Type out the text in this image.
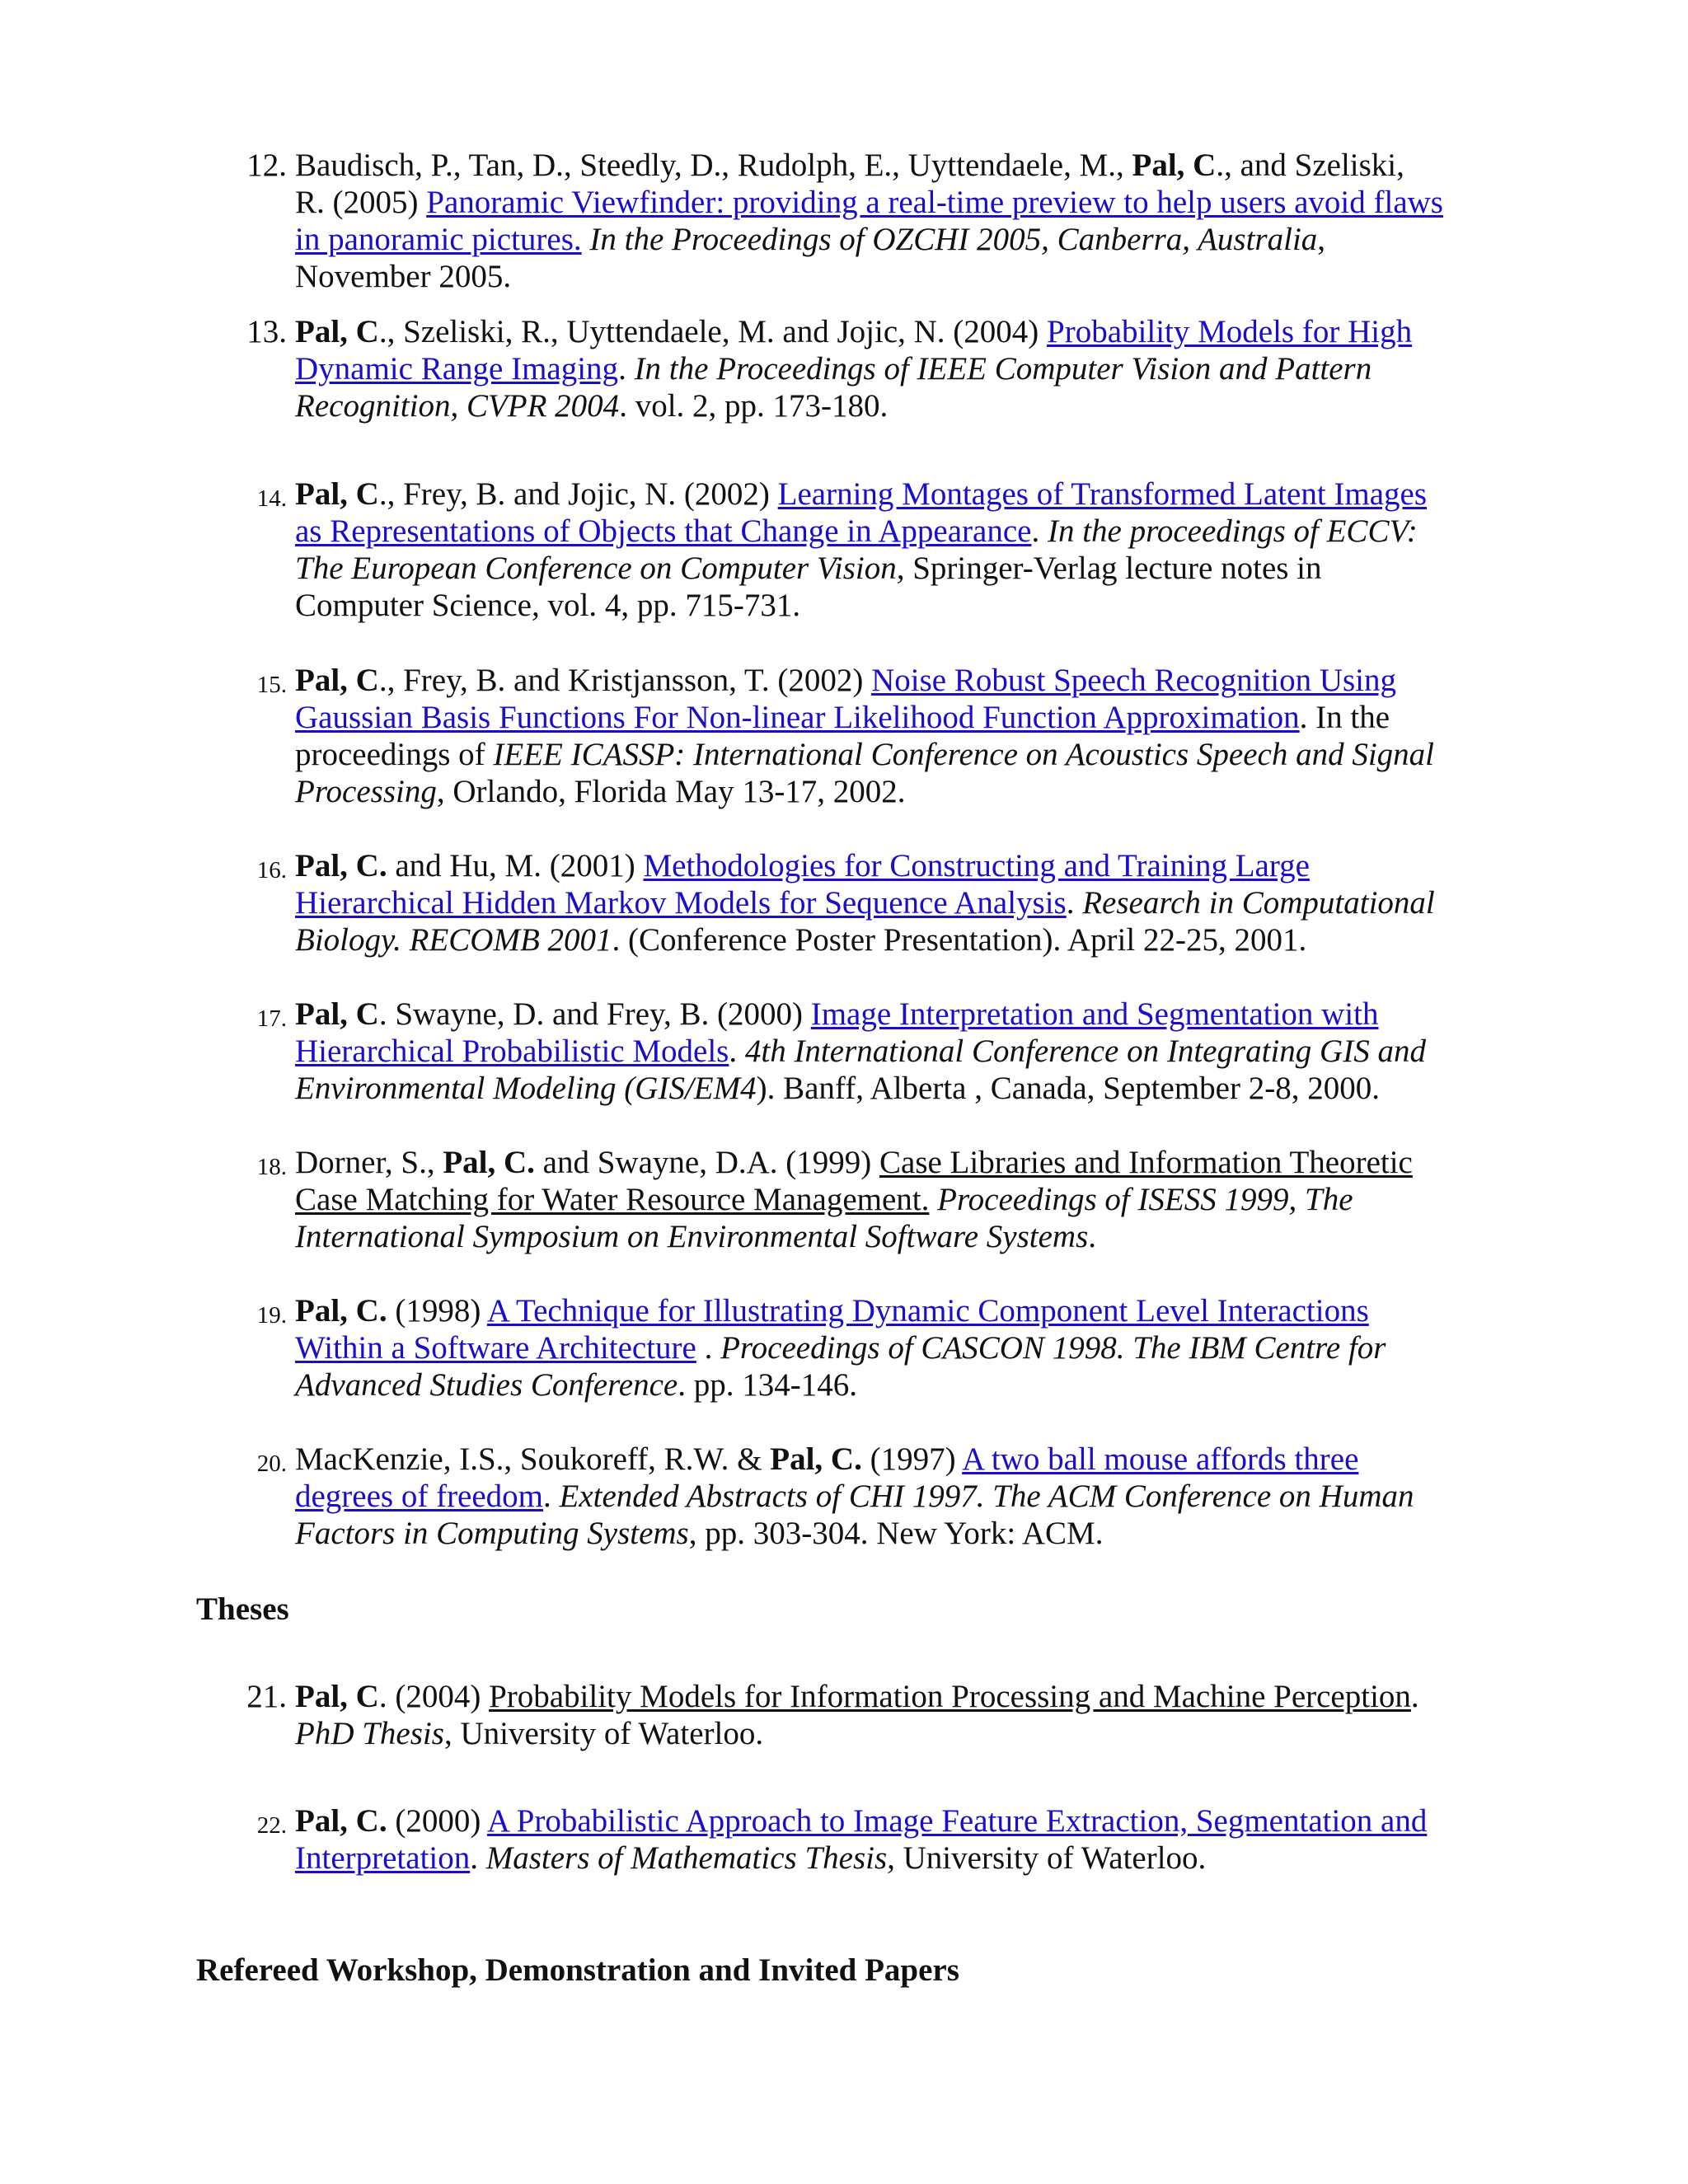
12. Baudisch, P., Tan, D., Steedly, D., Rudolph, E., Uyttendaele, M., Pal, C., and Szeliski,
R. (2005) Panoramic Viewfinder: providing a real-time preview to help users avoid flaws
in panoramic pictures. In the Proceedings of OZCHI 2005, Canberra, Australia,
November 2005.
13. Pal, C., Szeliski, R., Uyttendaele, M. and Jojic, N. (2004) Probability Models for High
Dynamic Range Imaging. In the Proceedings of IEEE Computer Vision and Pattern
Recognition, CVPR 2004. vol. 2, pp. 173-180.
14. Pal, C., Frey, B. and Jojic, N. (2002) Learning Montages of Transformed Latent Images
as Representations of Objects that Change in Appearance. In the proceedings of ECCV:
The European Conference on Computer Vision, Springer-Verlag lecture notes in
Computer Science, vol. 4, pp. 715-731.
15. Pal, C., Frey, B. and Kristjansson, T. (2002) Noise Robust Speech Recognition Using
Gaussian Basis Functions For Non-linear Likelihood Function Approximation. In the
proceedings of IEEE ICASSP: International Conference on Acoustics Speech and Signal
Processing, Orlando, Florida May 13-17, 2002.
16. Pal, C. and Hu, M. (2001) Methodologies for Constructing and Training Large
Hierarchical Hidden Markov Models for Sequence Analysis. Research in Computational
Biology. RECOMB 2001. (Conference Poster Presentation). April 22-25, 2001.
17. Pal, C. Swayne, D. and Frey, B. (2000) Image Interpretation and Segmentation with
Hierarchical Probabilistic Models. 4th International Conference on Integrating GIS and
Environmental Modeling (GIS/EM4). Banff, Alberta , Canada, September 2-8, 2000.
18. Dorner, S., Pal, C. and Swayne, D.A. (1999) Case Libraries and Information Theoretic
Case Matching for Water Resource Management. Proceedings of ISESS 1999, The
International Symposium on Environmental Software Systems.
19. Pal, C. (1998) A Technique for Illustrating Dynamic Component Level Interactions
Within a Software Architecture . Proceedings of CASCON 1998. The IBM Centre for
Advanced Studies Conference. pp. 134-146.
20. MacKenzie, I.S., Soukoreff, R.W. & Pal, C. (1997) A two ball mouse affords three
degrees of freedom. Extended Abstracts of CHI 1997. The ACM Conference on Human
Factors in Computing Systems, pp. 303-304. New York: ACM.
Theses
21. Pal, C. (2004) Probability Models for Information Processing and Machine Perception.
PhD Thesis, University of Waterloo.
22. Pal, C. (2000) A Probabilistic Approach to Image Feature Extraction, Segmentation and
Interpretation. Masters of Mathematics Thesis, University of Waterloo.
Refereed Workshop, Demonstration and Invited Papers
